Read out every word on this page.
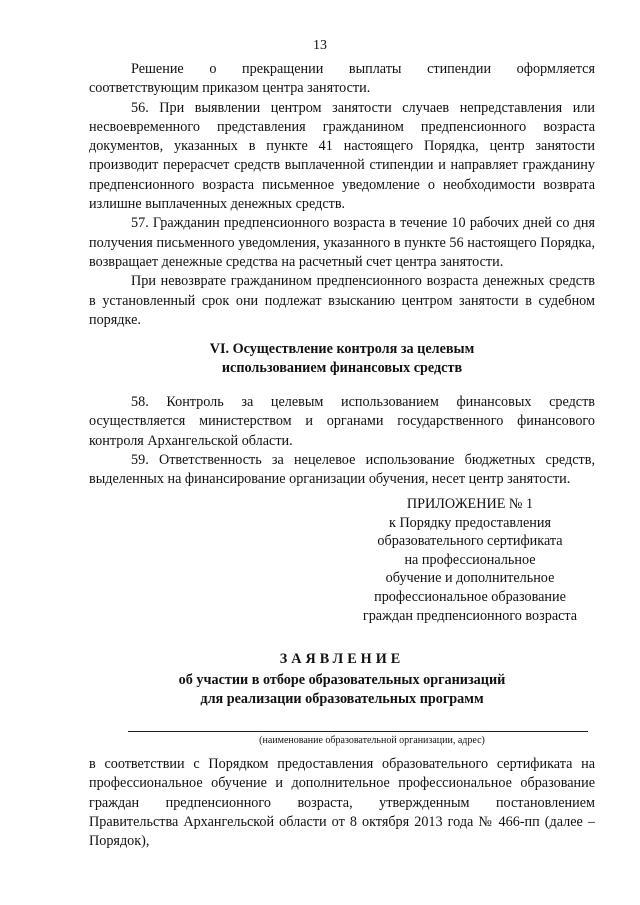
13

Решение о прекращении выплаты стипендии оформляется соответствующим приказом центра занятости.

56. При выявлении центром занятости случаев непредставления или несвоевременного представления гражданином предпенсионного возраста документов, указанных в пункте 41 настоящего Порядка, центр занятости производит перерасчет средств выплаченной стипендии и направляет гражданину предпенсионного возраста письменное уведомление о необходимости возврата излишне выплаченных денежных средств.

57. Гражданин предпенсионного возраста в течение 10 рабочих дней со дня получения письменного уведомления, указанного в пункте 56 настоящего Порядка, возвращает денежные средства на расчетный счет центра занятости.

При невозврате гражданином предпенсионного возраста денежных средств в установленный срок они подлежат взысканию центром занятости в судебном порядке.

VI. Осуществление контроля за целевым
использованием финансовых средств

58. Контроль за целевым использованием финансовых средств осуществляется министерством и органами государственного финансового контроля Архангельской области.

59. Ответственность за нецелевое использование бюджетных средств, выделенных на финансирование организации обучения, несет центр занятости.

ПРИЛОЖЕНИЕ № 1
к Порядку предоставления
образовательного сертификата
на профессиональное
обучение и дополнительное
профессиональное образование
граждан предпенсионного возраста
ЗАЯВЛЕНИЕ
об участии в отборе образовательных организаций
для реализации образовательных программ
(наименование образовательной организации, адрес)

в соответствии с Порядком предоставления образовательного сертификата на профессиональное обучение и дополнительное профессиональное образование граждан предпенсионного возраста, утвержденным постановлением Правительства Архангельской области от 8 октября 2013 года № 466-пп (далее – Порядок),
